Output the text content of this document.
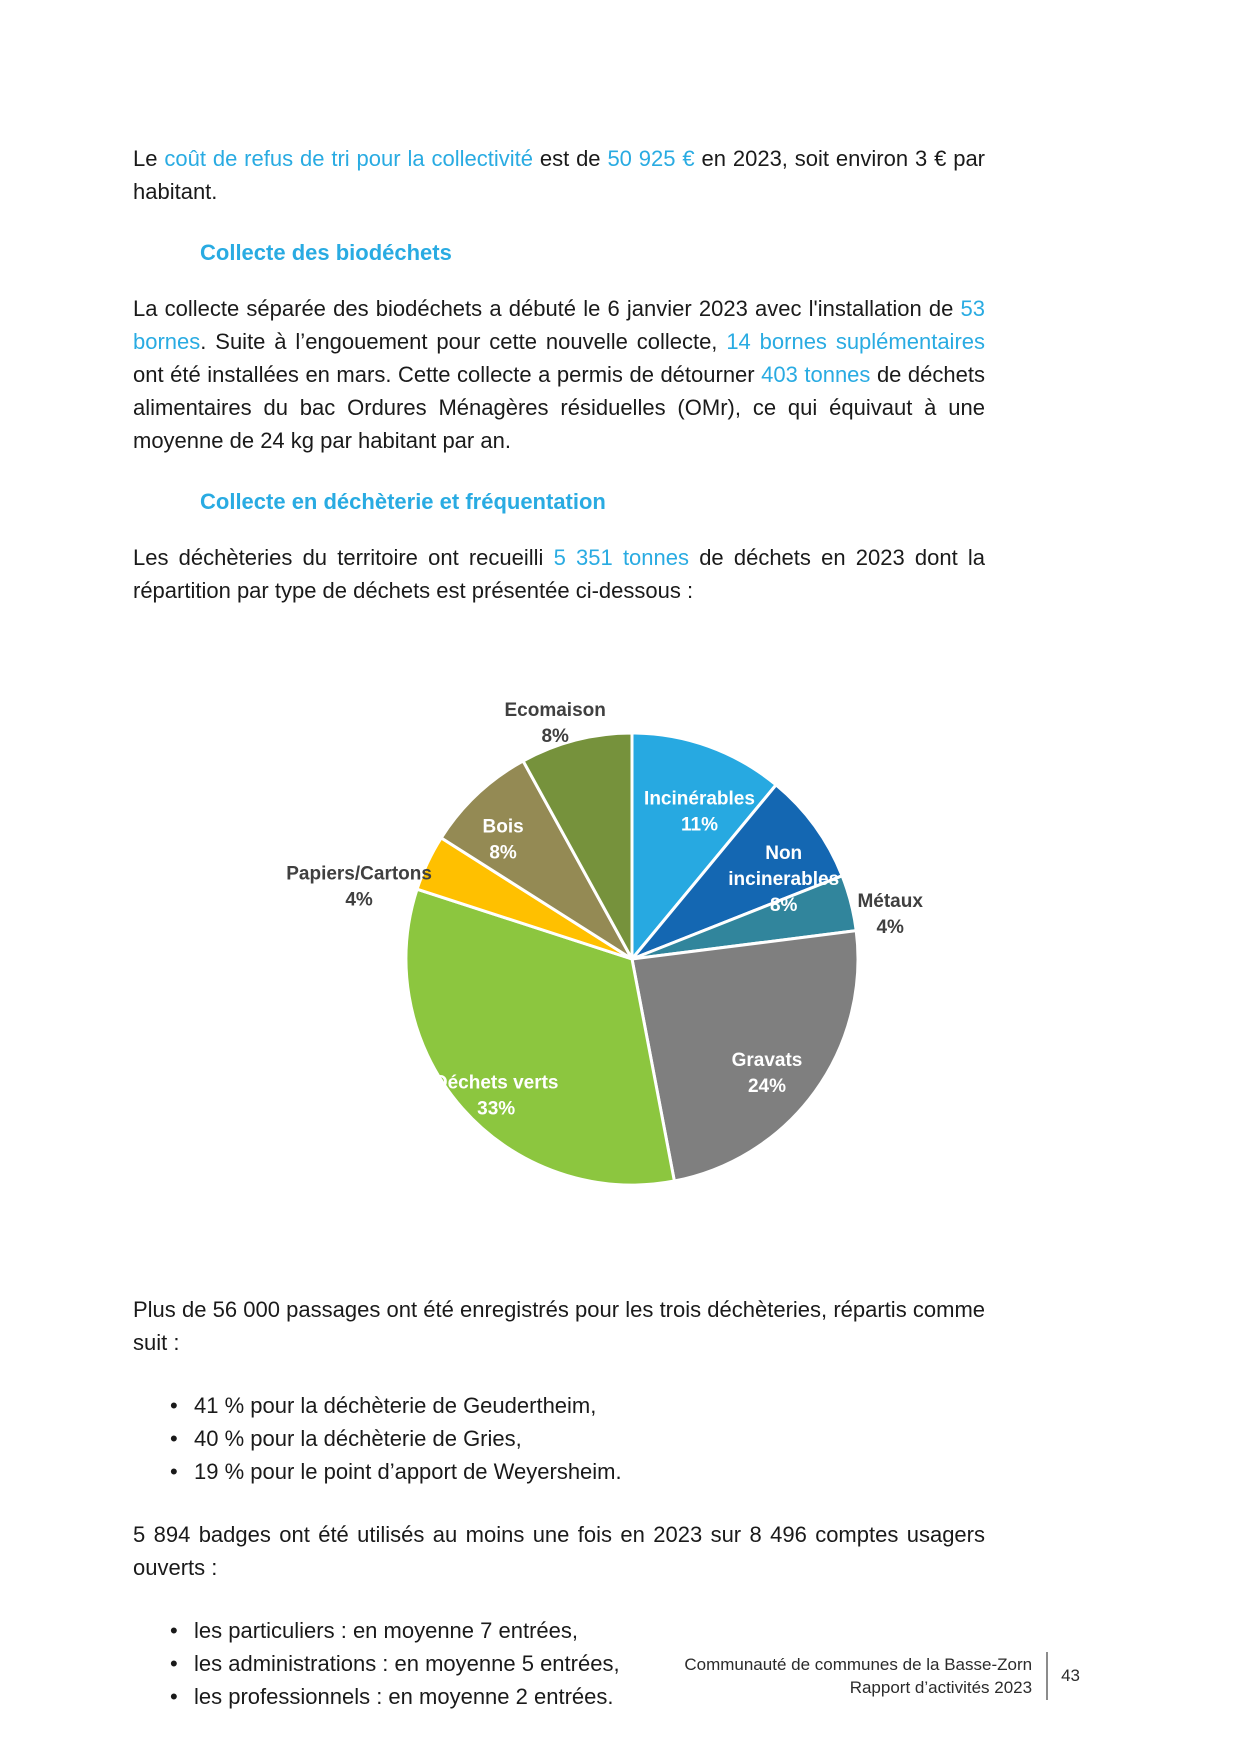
Le coût de refus de tri pour la collectivité est de 50 925 € en 2023, soit environ 3 € par habitant.

Collecte des biodéchets

La collecte séparée des biodéchets a débuté le 6 janvier 2023 avec l'installation de 53 bornes. Suite à l’engouement pour cette nouvelle collecte, 14 bornes suplémentaires ont été installées en mars. Cette collecte a permis de détourner 403 tonnes de déchets alimentaires du bac Ordures Ménagères résiduelles (OMr), ce qui équivaut à une moyenne de 24 kg par habitant par an.

Collecte en déchèterie et fréquentation

Les déchèteries du territoire ont recueilli 5 351 tonnes de déchets en 2023 dont la répartition par type de déchets est présentée ci-dessous :

Incinérables 11%
Non incinerables 8%	Métaux 4%
Gravats 24%
Déchets verts 33%
Papiers/Cartons 4%
Bois 8%
Ecomaison 8%

Plus de 56 000 passages ont été enregistrés pour les trois déchèteries, répartis comme suit :

• 41 % pour la déchèterie de Geudertheim,
• 40 % pour la déchèterie de Gries,
• 19 % pour le point d’apport de Weyersheim.

5 894 badges ont été utilisés au moins une fois en 2023 sur 8 496 comptes usagers ouverts :

• les particuliers : en moyenne 7 entrées,
• les administrations : en moyenne 5 entrées,
• les professionnels : en moyenne 2 entrées.
Communauté de communes de la Basse-Zorn
Rapport d’activités 2023
43
